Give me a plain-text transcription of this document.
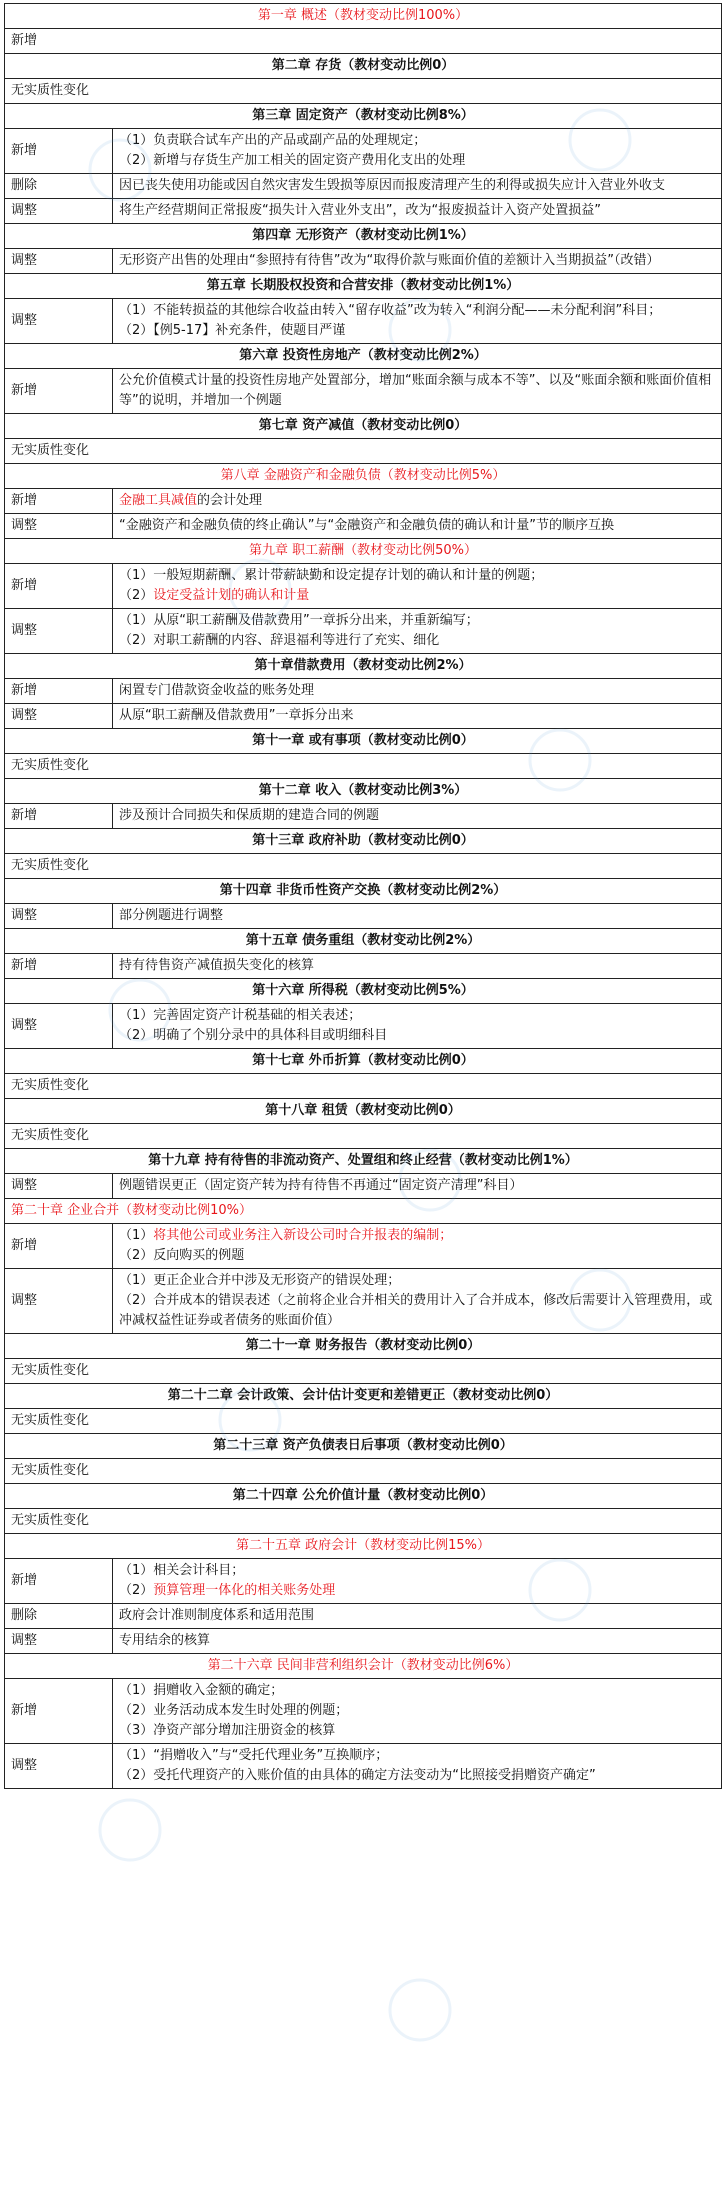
第一章 概述（教材变动比例100%）	
新增	
第二章 存货（教材变动比例0）	
无实质性变化	
第三章 固定资产（教材变动比例8%）	
新增	（1）负责联合试车产出的产品或副产品的处理规定；
（2）新增与存货生产加工相关的固定资产费用化支出的处理

删除	因已丧失使用功能或因自然灾害发生毁损等原因而报废清理产生的利得或损失应计入营业外收支

调整	将生产经营期间正常报废“损失计入营业外支出”，改为“报废损益计入资产处置损益”

第四章 无形资产（教材变动比例1%）	
调整	无形资产出售的处理由“参照持有待售”改为“取得价款与账面价值的差额计入当期损益”（改错）

第五章 长期股权投资和合营安排（教材变动比例1%）	
调整	（1）不能转损益的其他综合收益由转入“留存收益”改为转入“利润分配——未分配利润”科目；
（2）【例5-17】补充条件，使题目严谨

第六章 投资性房地产（教材变动比例2%）	
新增	公允价值模式计量的投资性房地产处置部分，增加“账面余额与成本不等”、以及“账面余额和账面价值相等”的说明，并增加一个例题

第七章 资产减值（教材变动比例0）	
无实质性变化	
第八章 金融资产和金融负债（教材变动比例5%）	
新增	金融工具减值的会计处理

调整	“金融资产和金融负债的终止确认”与“金融资产和金融负债的确认和计量”节的顺序互换

第九章 职工薪酬（教材变动比例50%）	
新增	（1）一般短期薪酬、累计带薪缺勤和设定提存计划的确认和计量的例题；
（2）设定受益计划的确认和计量

调整	（1）从原“职工薪酬及借款费用”一章拆分出来，并重新编写；
（2）对职工薪酬的内容、辞退福利等进行了充实、细化

第十章借款费用（教材变动比例2%）	
新增	闲置专门借款资金收益的账务处理

调整	从原“职工薪酬及借款费用”一章拆分出来

第十一章 或有事项（教材变动比例0）	
无实质性变化	
第十二章 收入（教材变动比例3%）	
新增	涉及预计合同损失和保质期的建造合同的例题

第十三章 政府补助（教材变动比例0）	
无实质性变化	
第十四章 非货币性资产交换（教材变动比例2%）	
调整	部分例题进行调整

第十五章 债务重组（教材变动比例2%）	
新增	持有待售资产减值损失变化的核算

第十六章 所得税（教材变动比例5%）	
调整	（1）完善固定资产计税基础的相关表述；
（2）明确了个别分录中的具体科目或明细科目

第十七章 外币折算（教材变动比例0）	
无实质性变化	
第十八章 租赁（教材变动比例0）	
无实质性变化	
第十九章 持有待售的非流动资产、处置组和终止经营（教材变动比例1%）	
调整	例题错误更正（固定资产转为持有待售不再通过“固定资产清理”科目）

第二十章 企业合并（教材变动比例10%）	
新增	（1）将其他公司或业务注入新设公司时合并报表的编制；
（2）反向购买的例题

调整	（1）更正企业合并中涉及无形资产的错误处理；
（2）合并成本的错误表述（之前将企业合并相关的费用计入了合并成本，修改后需要计入管理费用，或冲减权益性证券或者债务的账面价值）

第二十一章 财务报告（教材变动比例0）	
无实质性变化	
第二十二章 会计政策、会计估计变更和差错更正（教材变动比例0）	
无实质性变化	
第二十三章 资产负债表日后事项（教材变动比例0）	
无实质性变化	
第二十四章 公允价值计量（教材变动比例0）	
无实质性变化	
第二十五章 政府会计（教材变动比例15%）	
新增	（1）相关会计科目；
（2）预算管理一体化的相关账务处理

删除	政府会计准则制度体系和适用范围

调整	专用结余的核算

第二十六章 民间非营利组织会计（教材变动比例6%）	
新增	（1）捐赠收入金额的确定；
（2）业务活动成本发生时处理的例题；
（3）净资产部分增加注册资金的核算

调整	（1）“捐赠收入”与“受托代理业务”互换顺序；
（2）受托代理资产的入账价值的由具体的确定方法变动为“比照接受捐赠资产确定”
